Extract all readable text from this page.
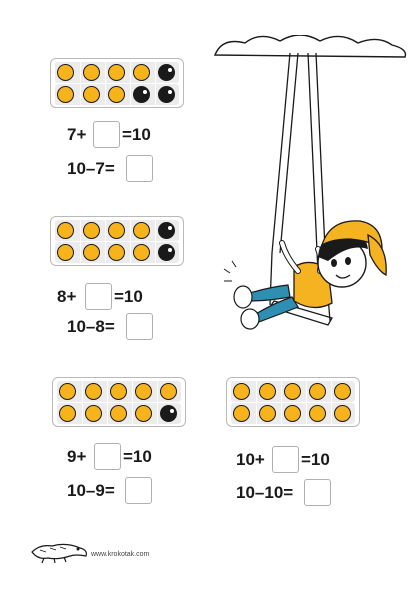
7+ =10
10–7=
8+ =10
10–8=
9+ =10
10–9=
10+ =10
10–10=
www.krokotak.com
